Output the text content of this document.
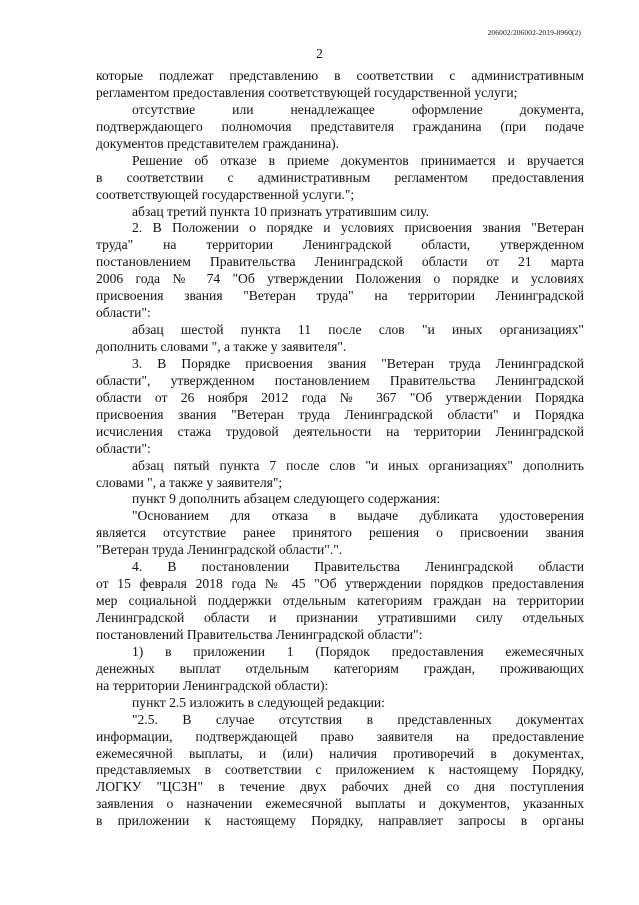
206002/206002-2019-8960(2)
2
которые подлежат представлению в соответствии с административным
регламентом предоставления соответствующей государственной услуги;
отсутствие или ненадлежащее оформление документа,
подтверждающего полномочия представителя гражданина (при подаче
документов представителем гражданина).
Решение об отказе в приеме документов принимается и вручается
в соответствии с административным регламентом предоставления
соответствующей государственной услуги.";
абзац третий пункта 10 признать утратившим силу.
2. В Положении о порядке и условиях присвоения звания "Ветеран
труда" на территории Ленинградской области, утвержденном
постановлением Правительства Ленинградской области от 21 марта
2006 года № 74 "Об утверждении Положения о порядке и условиях
присвоения звания "Ветеран труда" на территории Ленинградской
области":
абзац шестой пункта 11 после слов "и иных организациях"
дополнить словами ", а также у заявителя".
3. В Порядке присвоения звания "Ветеран труда Ленинградской
области", утвержденном постановлением Правительства Ленинградской
области от 26 ноября 2012 года № 367 "Об утверждении Порядка
присвоения звания "Ветеран труда Ленинградской области" и Порядка
исчисления стажа трудовой деятельности на территории Ленинградской
области":
абзац пятый пункта 7 после слов "и иных организациях" дополнить
словами ", а также у заявителя";
пункт 9 дополнить абзацем следующего содержания:
"Основанием для отказа в выдаче дубликата удостоверения
является отсутствие ранее принятого решения о присвоении звания
"Ветеран труда Ленинградской области".".
4. В постановлении Правительства Ленинградской области
от 15 февраля 2018 года № 45 "Об утверждении порядков предоставления
мер социальной поддержки отдельным категориям граждан на территории
Ленинградской области и признании утратившими силу отдельных
постановлений Правительства Ленинградской области":
1) в приложении 1 (Порядок предоставления ежемесячных
денежных выплат отдельным категориям граждан, проживающих
на территории Ленинградской области):
пункт 2.5 изложить в следующей редакции:
"2.5. В случае отсутствия в представленных документах
информации, подтверждающей право заявителя на предоставление
ежемесячной выплаты, и (или) наличия противоречий в документах,
представляемых в соответствии с приложением к настоящему Порядку,
ЛОГКУ "ЦСЗН" в течение двух рабочих дней со дня поступления
заявления о назначении ежемесячной выплаты и документов, указанных
в приложении к настоящему Порядку, направляет запросы в органы
